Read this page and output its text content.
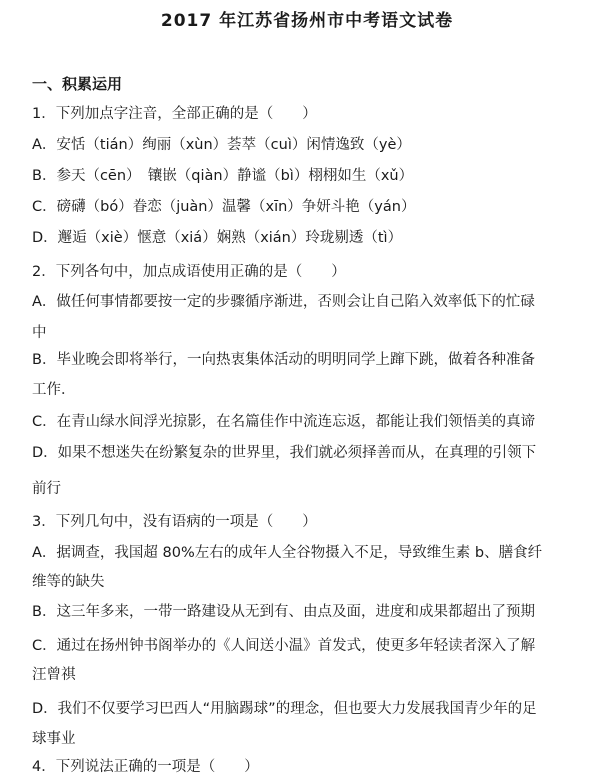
2017 年江苏省扬州市中考语文试卷
一、积累运用
1．下列加点字注音，全部正确的是（　　）
A．安恬（tián）绚丽（xùn）荟萃（cuì）闲情逸致（yè）
B．参天（cēn）　镶嵌（qiàn）静谧（bì）栩栩如生（xǔ）
C．磅礴（bó）眷恋（juàn）温馨（xīn）争妍斗艳（yán）
D．邂逅（xiè）惬意（xiá）娴熟（xián）玲珑剔透（tì）
2．下列各句中，加点成语使用正确的是（　　）
A．做任何事情都要按一定的步骤循序渐进，否则会让自己陷入效率低下的忙碌
中
B．毕业晚会即将举行，一向热衷集体活动的明明同学上蹿下跳，做着各种准备
工作．
C．在青山绿水间浮光掠影，在名篇佳作中流连忘返，都能让我们领悟美的真谛
D．如果不想迷失在纷繁复杂的世界里，我们就必须择善而从，在真理的引领下
前行
3．下列几句中，没有语病的一项是（　　）
A．据调查，我国超 80%左右的成年人全谷物摄入不足，导致维生素 b、膳食纤
维等的缺失
B．这三年多来，一带一路建设从无到有、由点及面，进度和成果都超出了预期
C．通过在扬州钟书阁举办的《人间送小温》首发式，使更多年轻读者深入了解
汪曾祺
D．我们不仅要学习巴西人“用脑踢球”的理念，但也要大力发展我国青少年的足
球事业
4．下列说法正确的一项是（　　）
